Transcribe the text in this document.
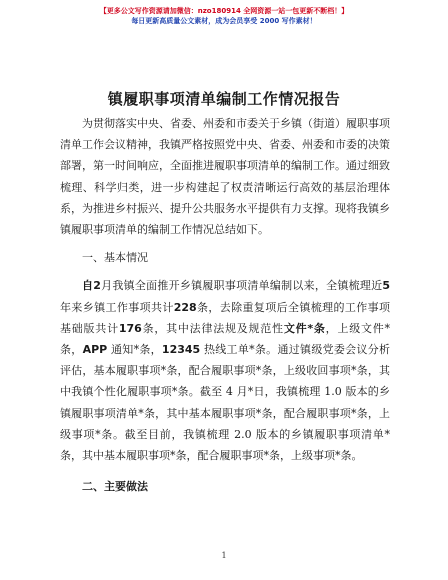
【更多公文写作资源请加微信：nzo180914 全网资源一站一包更新不断档！】
每日更新高质量公文素材，成为会员享受 2000 写作素材！
镇履职事项清单编制工作情况报告

为贯彻落实中央、省委、州委和市委关于乡镇（街道）履职事项清单工作会议精神，我镇严格按照党中央、省委、州委和市委的决策部署，第一时间响应，全面推进履职事项清单的编制工作。通过细致梳理、科学归类，进一步构建起了权责清晰运行高效的基层治理体系，为推进乡村振兴、提升公共服务水平提供有力支撑。现将我镇乡镇履职事项清单的编制工作情况总结如下。

一、基本情况

自2月我镇全面推开乡镇履职事项清单编制以来，全镇梳理近5年来乡镇工作事项共计228条，去除重复项后全镇梳理的工作事项基础版共计176条，其中法律法规及规范性文件*条，上级文件*条，APP 通知*条，12345 热线工单*条。通过镇级党委会议分析评估，基本履职事项*条，配合履职事项*条，上级收回事项*条，其中我镇个性化履职事项*条。截至 4 月*日，我镇梳理 1.0 版本的乡镇履职事项清单*条，其中基本履职事项*条，配合履职事项*条，上级事项*条。截至目前，我镇梳理 2.0 版本的乡镇履职事项清单*条，其中基本履职事项*条，配合履职事项*条，上级事项*条。

二、主要做法

1
